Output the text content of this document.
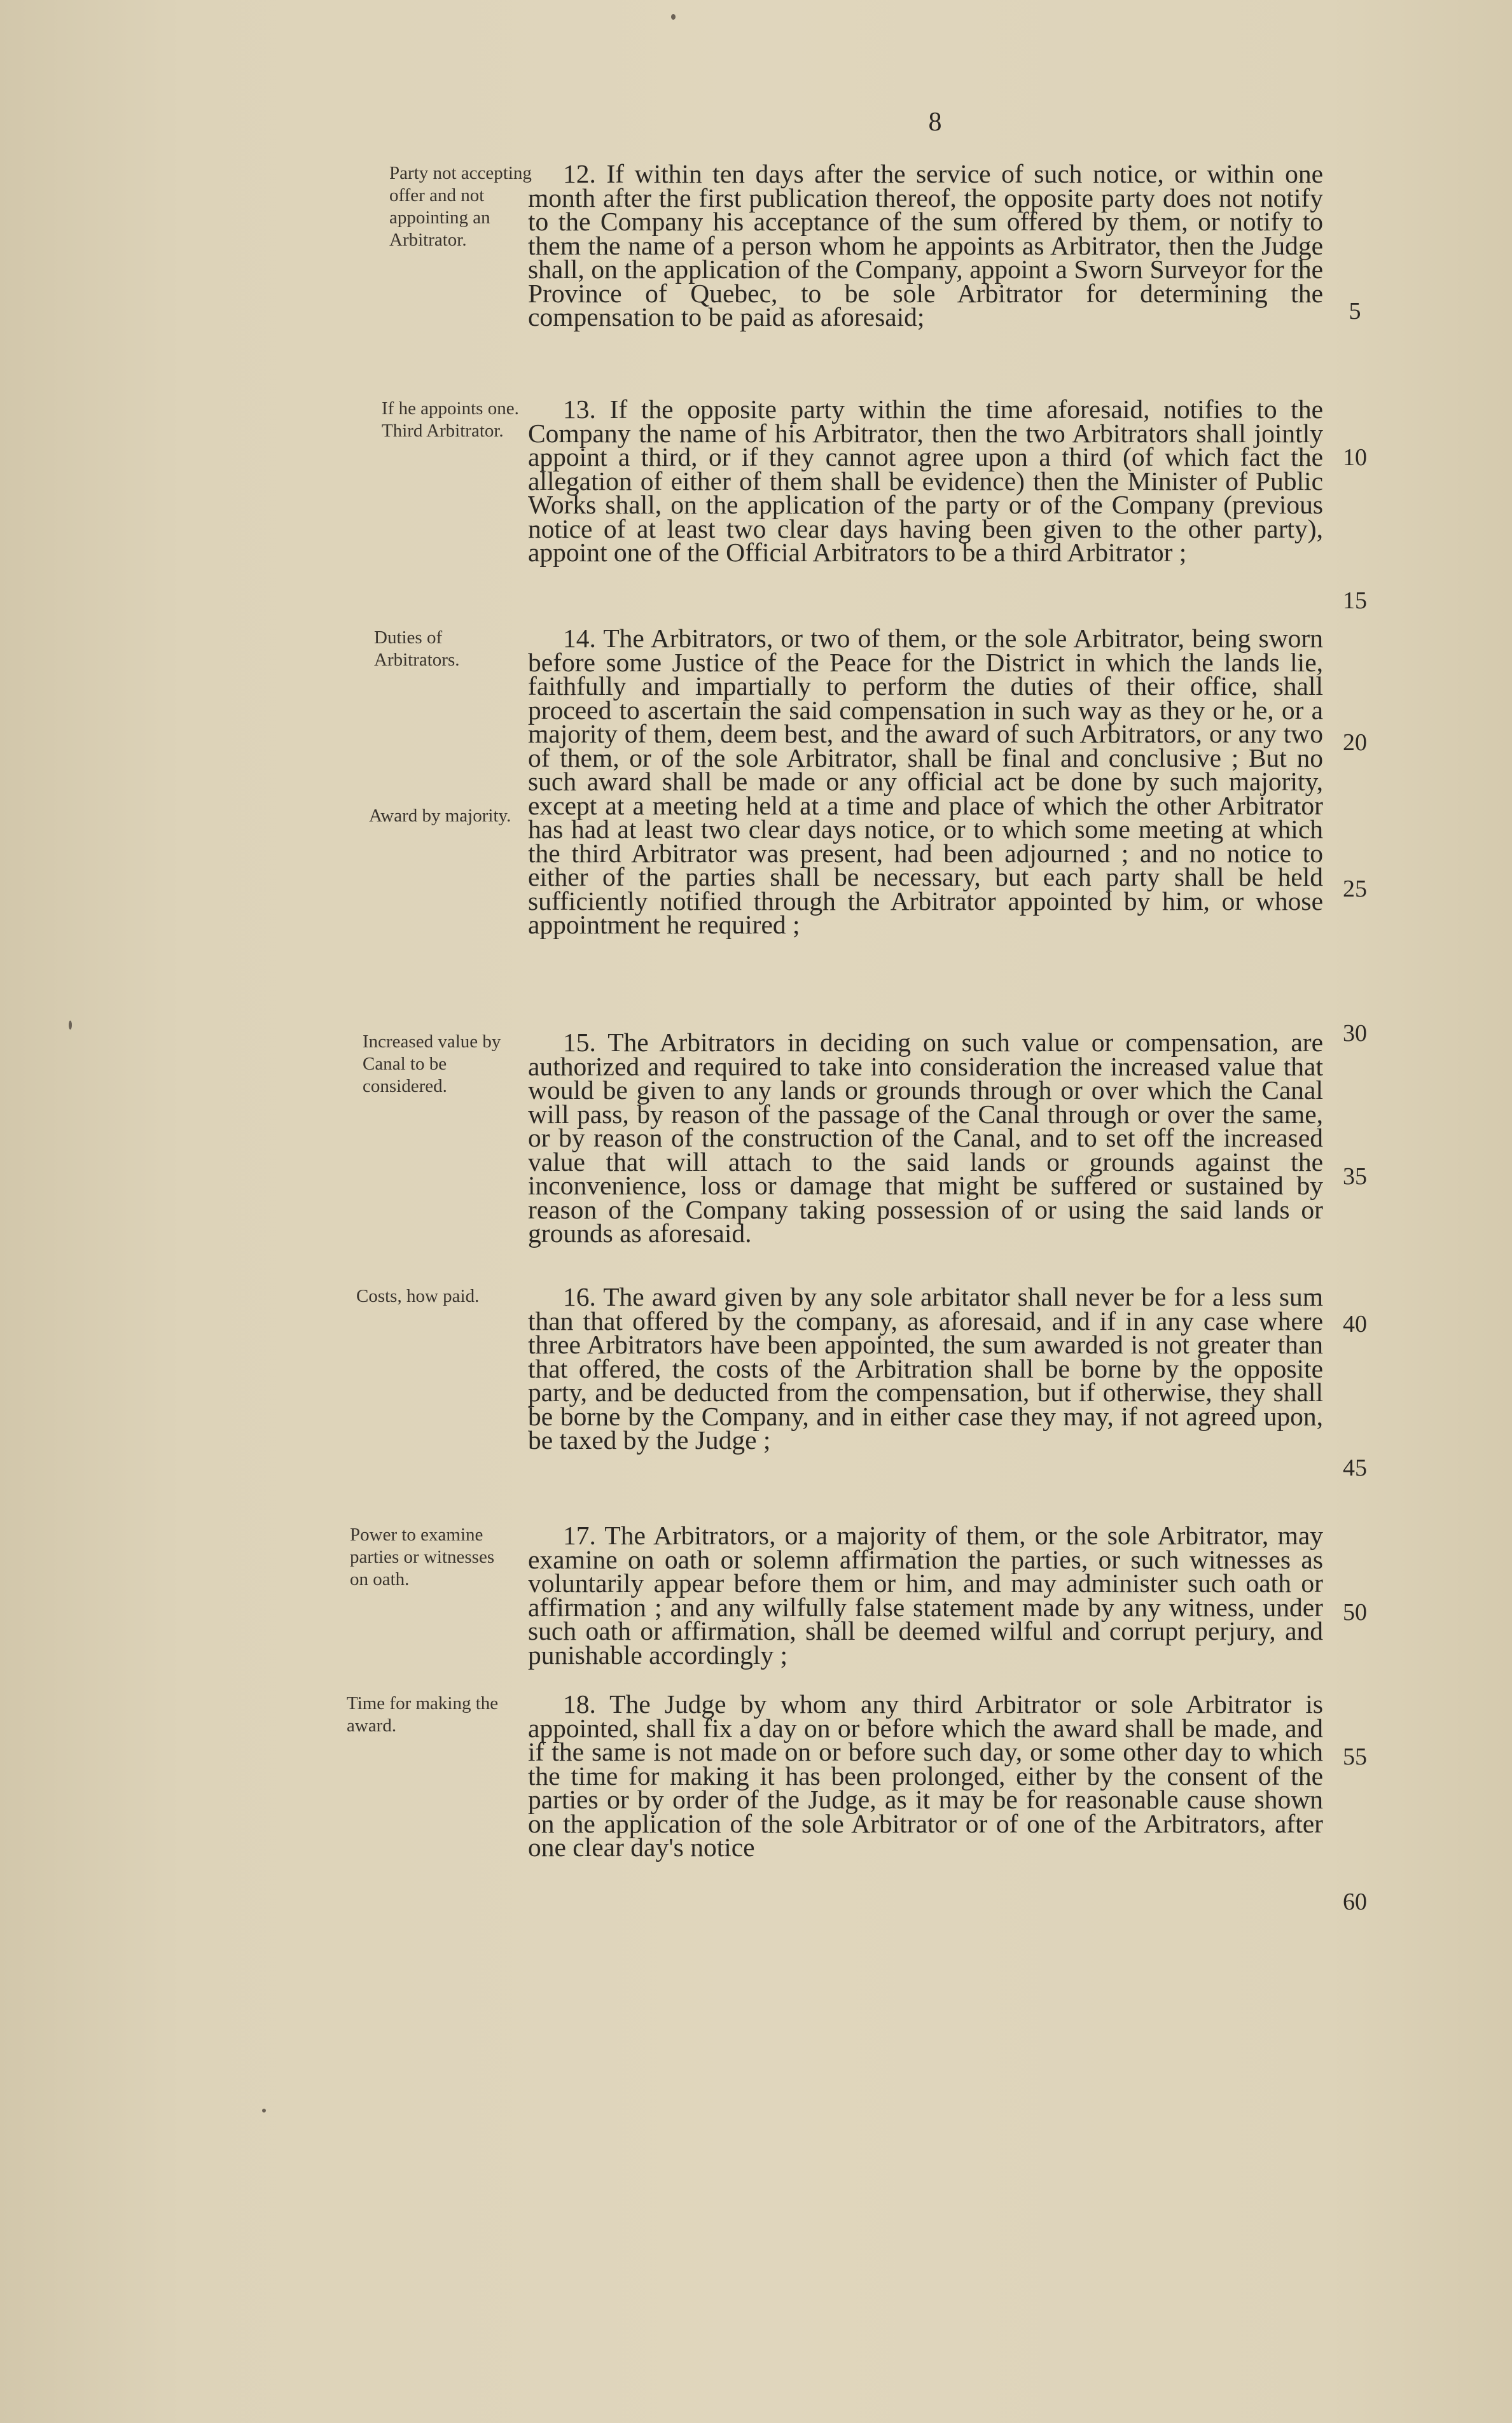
8
Party not accepting offer and not appointing an Arbitrator.
12. If within ten days after the service of such notice, or within one month after the first publication thereof, the opposite party does not notify to the Company his acceptance of the sum offered by them, or notify to them the name of a person whom he appoints as Arbitrator, then the Judge shall, on the application of the Company, appoint a Sworn Surveyor for the Province of Quebec, to be sole Arbitrator for determining the compensation to be paid as aforesaid;
If he appoints one. Third Arbitrator.
13. If the opposite party within the time aforesaid, notifies to the Company the name of his Arbitrator, then the two Arbitrators shall jointly appoint a third, or if they cannot agree upon a third (of which fact the allegation of either of them shall be evidence) then the Minister of Public Works shall, on the application of the party or of the Company (previous notice of at least two clear days having been given to the other party), appoint one of the Official Arbitrators to be a third Arbitrator ;
Duties of Arbitrators.
14. The Arbitrators, or two of them, or the sole Arbitrator, being sworn before some Justice of the Peace for the District in which the lands lie, faithfully and impartially to perform the duties of their office, shall proceed to ascertain the said compensation in such way as they or he, or a majority of them, deem best, and the award of such Arbitrators, or any two of them, or of the sole Arbitrator, shall be final and conclusive ; But no such award shall be made or any official act be done by such majority, except at a meeting held at a time and place of which the other Arbitrator has had at least two clear days notice, or to which some meeting at which the third Arbitrator was present, had been adjourned ; and no notice to either of the parties shall be necessary, but each party shall be held sufficiently notified through the Arbitrator appointed by him, or whose appointment he required ;
Award by majority.
Increased value by Canal to be considered.
15. The Arbitrators in deciding on such value or compensation, are authorized and required to take into consideration the increased value that would be given to any lands or grounds through or over which the Canal will pass, by reason of the passage of the Canal through or over the same, or by reason of the construction of the Canal, and to set off the increased value that will attach to the said lands or grounds against the inconvenience, loss or damage that might be suffered or sustained by reason of the Company taking possession of or using the said lands or grounds as aforesaid.
Costs, how paid.	16. The award given by any sole arbitator shall never be for a less sum than that offered by the company, as aforesaid, and if in any case where three Arbitrators have been appointed, the sum awarded is not greater than that offered, the costs of the Arbitration shall be borne by the opposite party, and be deducted from the compensation, but if otherwise, they shall be borne by the Company, and in either case they may, if not agreed upon, be taxed by the Judge ;
Power to examine parties or witnesses on oath.
17. The Arbitrators, or a majority of them, or the sole Arbitrator, may examine on oath or solemn affirmation the parties, or such witnesses as voluntarily appear before them or him, and may administer such oath or affirmation ; and any wilfully false statement made by any witness, under such oath or affirmation, shall be deemed wilful and corrupt perjury, and punishable accordingly ;
Time for making the award.
18. The Judge by whom any third Arbitrator or sole Arbitrator is appointed, shall fix a day on or before which the award shall be made, and if the same is not made on or before such day, or some other day to which the time for making it has been prolonged, either by the consent of the parties or by order of the Judge, as it may be for reasonable cause shown on the application of the sole Arbitrator or of one of the Arbitrators, after one clear day's notice
5
10
15
20
25
30
35
40
45
50
55
60
